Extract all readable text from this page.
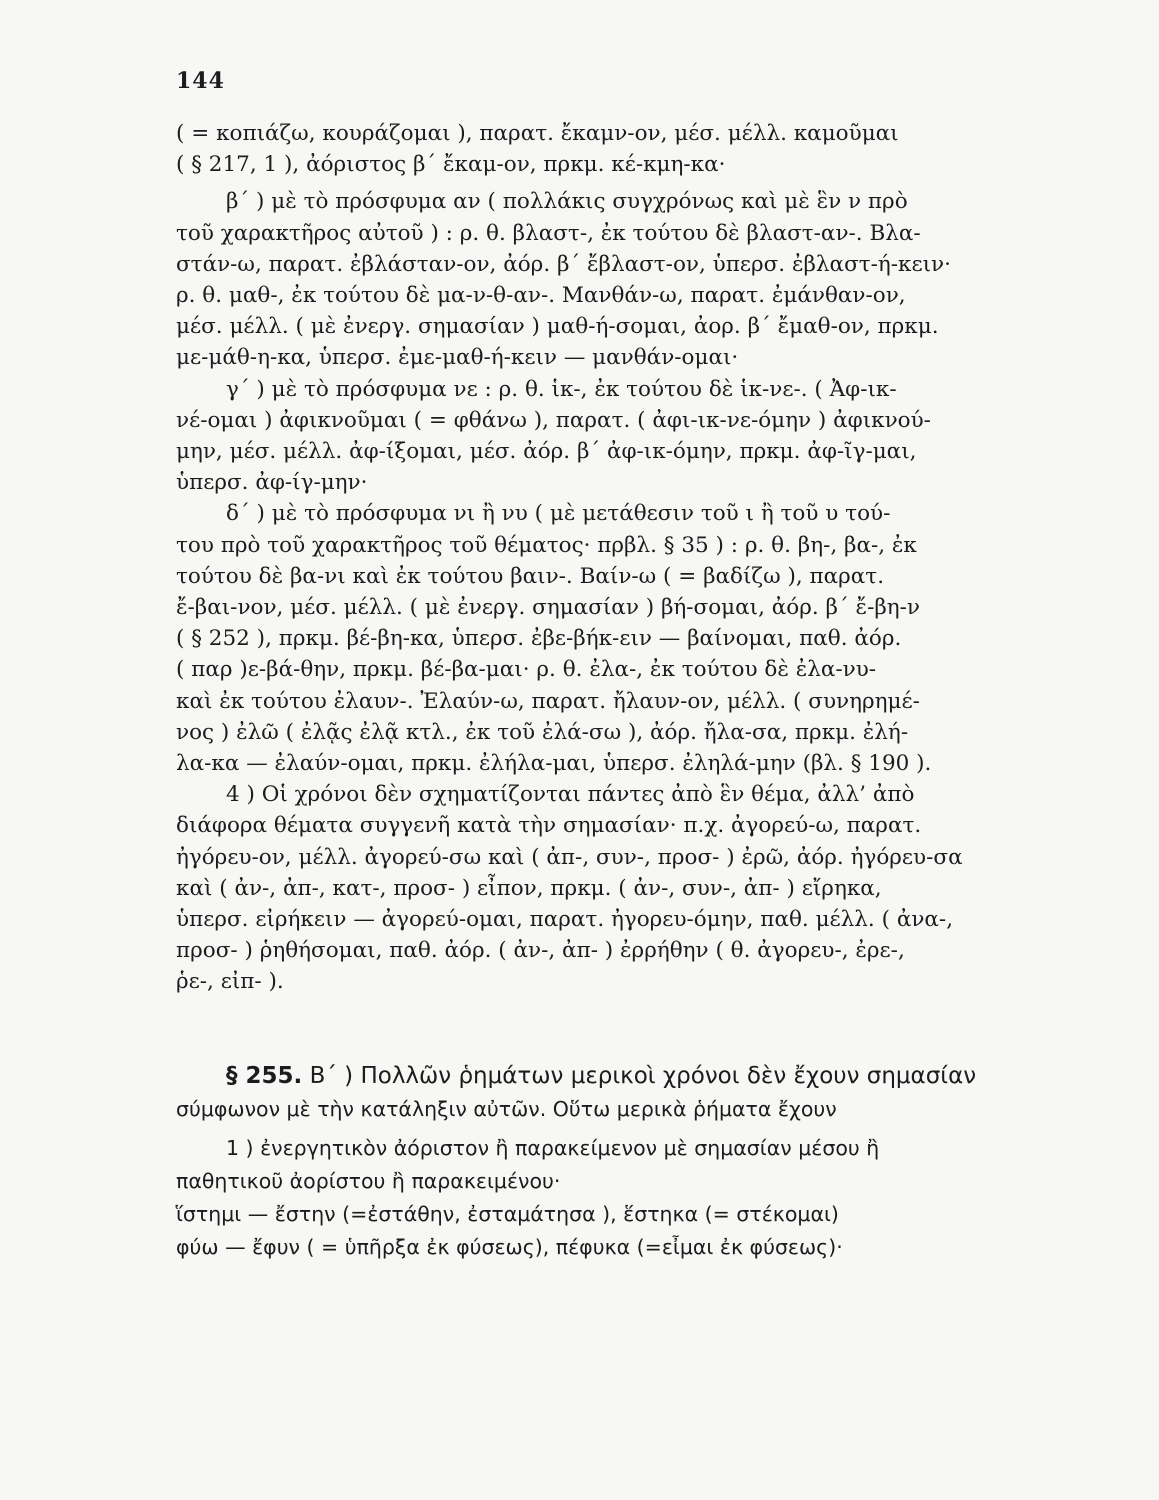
144

( = κοπιάζω, κουράζομαι ), παρατ. ἔκαμν-ον, μέσ. μέλλ. καμοῦμαι

( § 217, 1 ), ἀόριστος β΄ ἔκαμ-ον, πρκμ. κέ-κμη-κα·

β΄ ) μὲ τὸ πρόσφυμα αν ( πολλάκις συγχρόνως καὶ μὲ ἓν ν πρὸ

τοῦ χαρακτῆρος αὐτοῦ ) : ρ. θ. βλαστ-, ἐκ τούτου δὲ βλαστ-αν-. Βλα-

στάν-ω, παρατ. ἐβλάσταν-ον, ἀόρ. β΄ ἔβλαστ-ον, ὑπερσ. ἐβλαστ-ή-κειν·

ρ. θ. μαθ-, ἐκ τούτου δὲ μα-ν-θ-αν-. Μανθάν-ω, παρατ. ἐμάνθαν-ον,

μέσ. μέλλ. ( μὲ ἐνεργ. σημασίαν ) μαθ-ή-σομαι, ἀορ. β΄ ἔμαθ-ον, πρκμ.

με-μάθ-η-κα, ὑπερσ. ἐμε-μαθ-ή-κειν — μανθάν-ομαι·

γ΄ ) μὲ τὸ πρόσφυμα νε : ρ. θ. ἱκ-, ἐκ τούτου δὲ ἱκ-νε-. ( Ἀφ-ικ-

νέ-ομαι ) ἀφικνοῦμαι ( = φθάνω ), παρατ. ( ἀφι-ικ-νε-όμην ) ἀφικνού-

μην, μέσ. μέλλ. ἀφ-ίξομαι, μέσ. ἀόρ. β΄ ἀφ-ικ-όμην, πρκμ. ἀφ-ῖγ-μαι,

ὑπερσ. ἀφ-ίγ-μην·

δ΄ ) μὲ τὸ πρόσφυμα νι ἢ νυ ( μὲ μετάθεσιν τοῦ ι ἢ τοῦ υ τού-

του πρὸ τοῦ χαρακτῆρος τοῦ θέματος· πρβλ. § 35 ) : ρ. θ. βη-, βα-, ἐκ

τούτου δὲ βα-νι καὶ ἐκ τούτου βαιν-. Βαίν-ω ( = βαδίζω ), παρατ.

ἔ-βαι-νον, μέσ. μέλλ. ( μὲ ἐνεργ. σημασίαν ) βή-σομαι, ἀόρ. β΄ ἔ-βη-ν

( § 252 ), πρκμ. βέ-βη-κα, ὑπερσ. ἐβε-βήκ-ειν — βαίνομαι, παθ. ἀόρ.

( παρ )ε-βά-θην, πρκμ. βέ-βα-μαι· ρ. θ. ἐλα-, ἐκ τούτου δὲ ἐλα-νυ-

καὶ ἐκ τούτου ἐλαυν-. Ἐλαύν-ω, παρατ. ἤλαυν-ον, μέλλ. ( συνηρημέ-

νος ) ἐλῶ ( ἐλᾷς ἐλᾷ κτλ., ἐκ τοῦ ἐλά-σω ), ἀόρ. ἤλα-σα, πρκμ. ἐλή-

λα-κα — ἐλαύν-ομαι, πρκμ. ἐλήλα-μαι, ὑπερσ. ἐληλά-μην (βλ. § 190 ).

4 ) Οἱ χρόνοι δὲν σχηματίζονται πάντες ἀπὸ ἓν θέμα, ἀλλ’ ἀπὸ

διάφορα θέματα συγγενῆ κατὰ τὴν σημασίαν· π.χ. ἀγορεύ-ω, παρατ.

ἠγόρευ-ον, μέλλ. ἀγορεύ-σω καὶ ( ἀπ-, συν-, προσ- ) ἐρῶ, ἀόρ. ἠγόρευ-σα

καὶ ( ἀν-, ἀπ-, κατ-, προσ- ) εἶπον, πρκμ. ( ἀν-, συν-, ἀπ- ) εἴρηκα,

ὑπερσ. εἰρήκειν — ἀγορεύ-ομαι, παρατ. ἠγορευ-όμην, παθ. μέλλ. ( ἀνα-,

προσ- ) ῥηθήσομαι, παθ. ἀόρ. ( ἀν-, ἀπ- ) ἐρρήθην ( θ. ἀγορευ-, ἐρε-,

ῥε-, εἰπ- ).

§ 255. Β΄ ) Πολλῶν ῥημάτων μερικοὶ χρόνοι δὲν ἔχουν σημασίαν

σύμφωνον μὲ τὴν κατάληξιν αὐτῶν. Οὕτω μερικὰ ῥήματα ἔχουν

1 ) ἐνεργητικὸν ἀόριστον ἢ παρακείμενον μὲ σημασίαν μέσου ἢ

παθητικοῦ ἀορίστου ἢ παρακειμένου·

ἵστημι — ἔστην (=ἐστάθην, ἐσταμάτησα ), ἕστηκα (= στέκομαι)

φύω — ἔφυν ( = ὑπῆρξα ἐκ φύσεως), πέφυκα (=εἶμαι ἐκ φύσεως)·
